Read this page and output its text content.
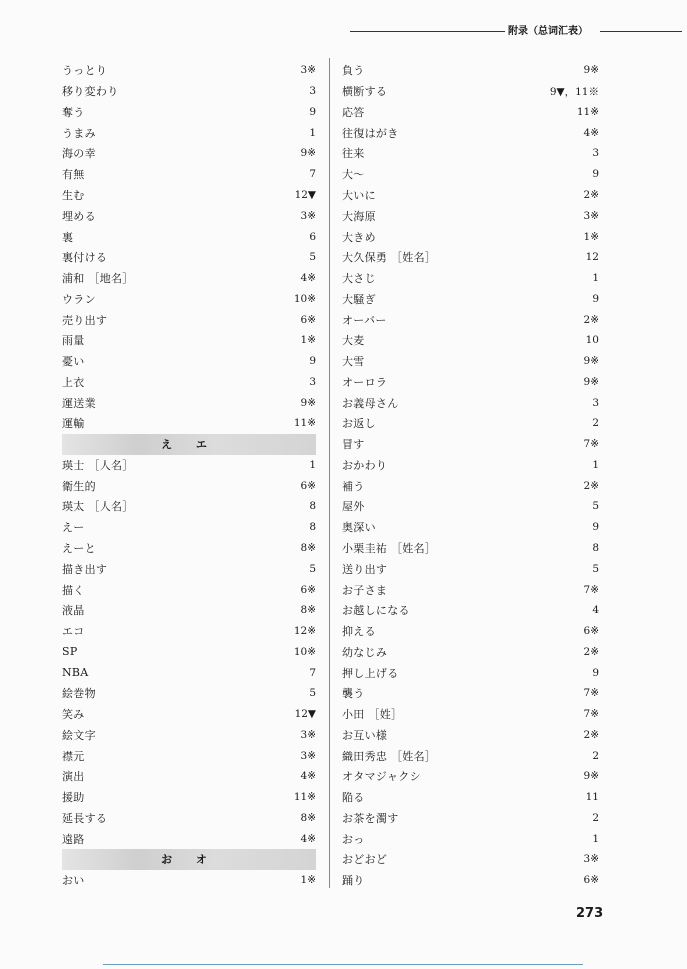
附录（总词汇表）
うっとり	3※
移り変わり	3
奪う	9
うまみ	1
海の幸	9※
有無	7
生む	12▼
埋める	3※
裏	6
裏付ける	5
浦和 ［地名］	4※
ウラン	10※
売り出す	6※
雨量	1※
憂い	9
上衣	3
運送業	9※
運輸	11※
え エ
瑛士 ［人名］	1
衛生的	6※
瑛太 ［人名］	8
えー	8
えーと	8※
描き出す	5
描く	6※
液晶	8※
エコ	12※
SP	10※
NBA	7
絵巻物	5
笑み	12▼
絵文字	3※
襟元	3※
演出	4※
援助	11※
延長する	8※
遠路	4※
お オ
おい	1※
負う	9※
横断する	9▼，11※
応答	11※
往復はがき	4※
往来	3
大～	9
大いに	2※
大海原	3※
大きめ	1※
大久保勇 ［姓名］	12
大さじ	1
大騒ぎ	9
オーバー	2※
大麦	10
大雪	9※
オーロラ	9※
お義母さん	3
お返し	2
冒す	7※
おかわり	1
補う	2※
屋外	5
奥深い	9
小栗圭祐 ［姓名］	8
送り出す	5
お子さま	7※
お越しになる	4
抑える	6※
幼なじみ	2※
押し上げる	9
襲う	7※
小田 ［姓］	7※
お互い様	2※
織田秀忠 ［姓名］	2
オタマジャクシ	9※
陥る	11
お茶を濁す	2
おっ	1
おどおど	3※
踊り	6※
273
